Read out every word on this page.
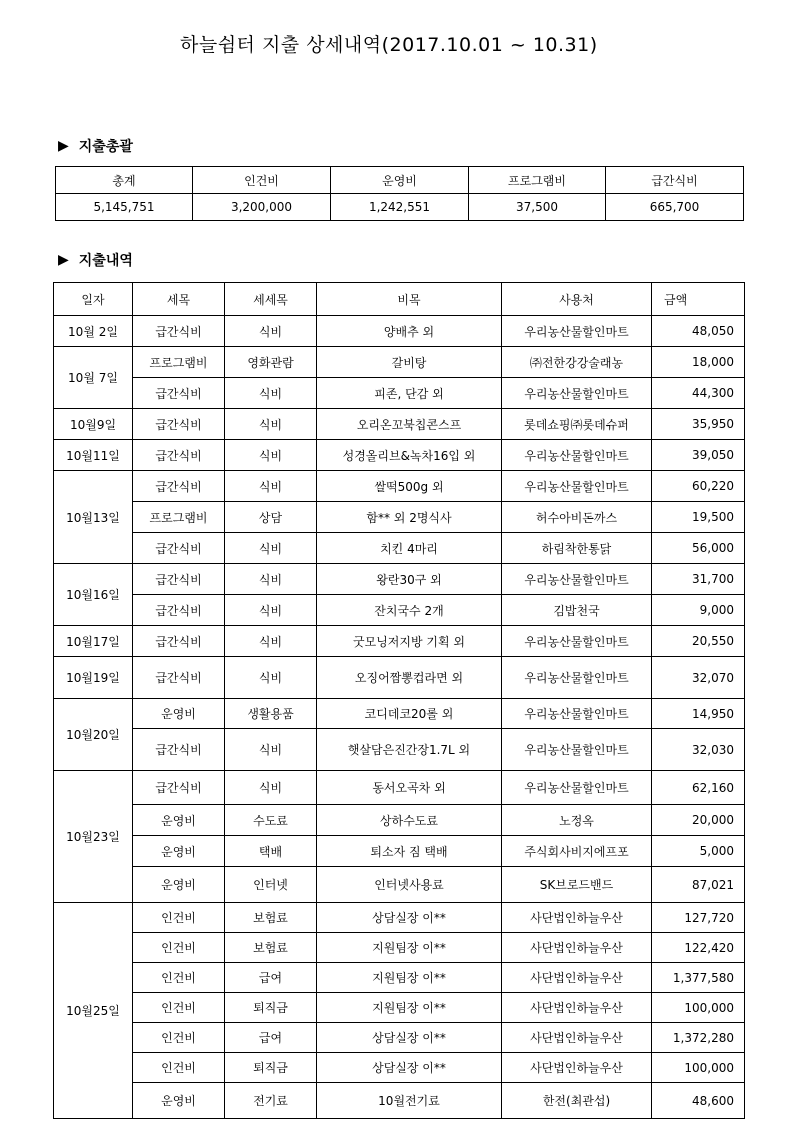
하늘쉼터 지출 상세내역(2017.10.01 ~ 10.31)
▶ 지출총괄
총계	인건비	운영비	프로그램비	급간식비
5,145,751	3,200,000	1,242,551	37,500	665,700
▶ 지출내역
일자	세목	세세목	비목	사용처	금액
10월 2일	급간식비	식비	양배추 외	우리농산물할인마트	48,050
10월 7일	프로그램비	영화관람	갈비탕	㈜전한강강술래농	18,000
	급간식비	식비	피존, 단감 외	우리농산물할인마트	44,300
10월9일	급간식비	식비	오리온꼬북칩콘스프	롯데쇼핑㈜롯데슈퍼	35,950
10월11일	급간식비	식비	성경올리브&녹차16입 외	우리농산물할인마트	39,050
10월13일	급간식비	식비	쌀떡500g 외	우리농산물할인마트	60,220
	프로그램비	상담	함** 외 2명식사	허수아비돈까스	19,500
	급간식비	식비	치킨 4마리	하림착한통닭	56,000
10월16일	급간식비	식비	왕란30구 외	우리농산물할인마트	31,700
	급간식비	식비	잔치국수 2개	김밥천국	9,000
10월17일	급간식비	식비	굿모닝저지방 기획 외	우리농산물할인마트	20,550
10월19일	급간식비	식비	오징어짬뽕컵라면 외	우리농산물할인마트	32,070
10월20일	운영비	생활용품	코디데코20롤 외	우리농산물할인마트	14,950
	급간식비	식비	햇살담은진간장1.7L 외	우리농산물할인마트	32,030
10월23일	급간식비	식비	동서오곡차 외	우리농산물할인마트	62,160
	운영비	수도료	상하수도료	노정옥	20,000
	운영비	택배	퇴소자 짐 택배	주식회사비지에프포	5,000
	운영비	인터넷	인터넷사용료	SK브로드밴드	87,021
10월25일	인건비	보험료	상담실장 이**	사단법인하늘우산	127,720
	인건비	보험료	지원팀장 이**	사단법인하늘우산	122,420
	인건비	급여	지원팀장 이**	사단법인하늘우산	1,377,580
	인건비	퇴직금	지원팀장 이**	사단법인하늘우산	100,000
	인건비	급여	상담실장 이**	사단법인하늘우산	1,372,280
	인건비	퇴직금	상담실장 이**	사단법인하늘우산	100,000
	운영비	전기료	10월전기료	한전(최관섭)	48,600
